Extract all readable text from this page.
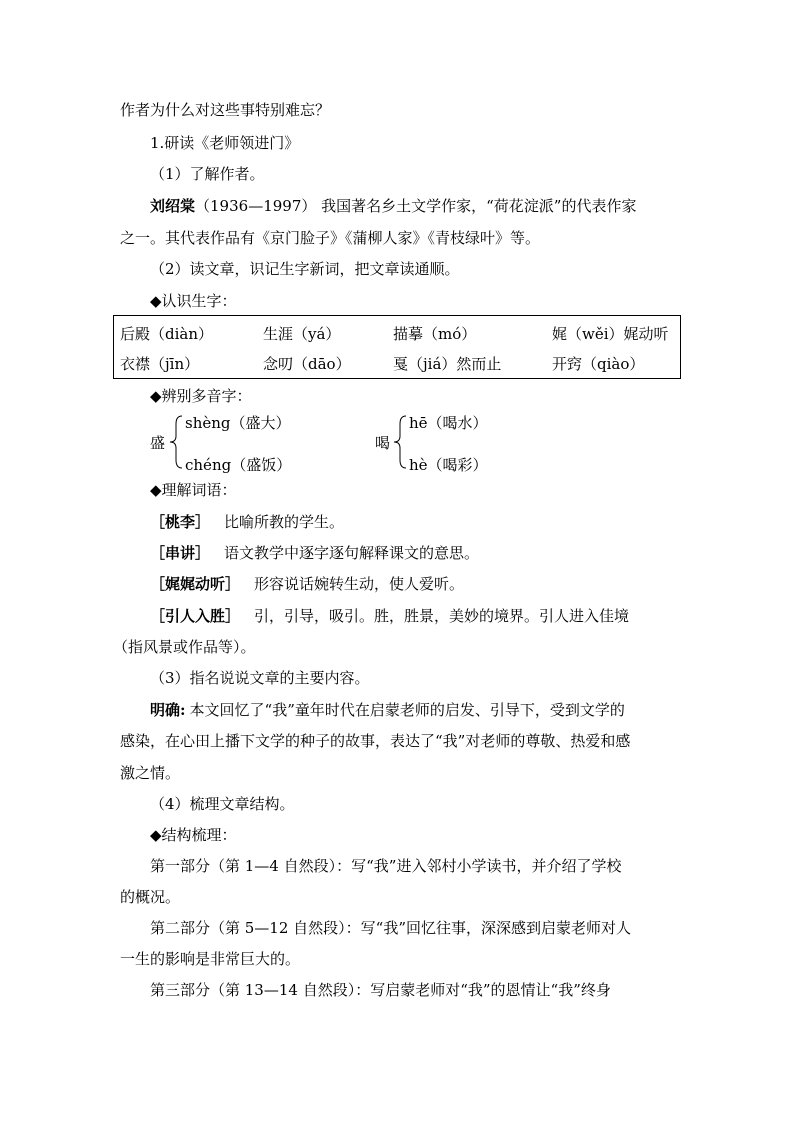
作者为什么对这些事特别难忘？
1.研读《老师领进门》
（1）了解作者。
刘绍棠（1936—1997） 我国著名乡土文学作家，“荷花淀派”的代表作家
之一。其代表作品有《京门脸子》《蒲柳人家》《青枝绿叶》等。
（2）读文章，识记生字新词，把文章读通顺。
◆认识生字：
后殿（diàn）	生涯（yá）	描摹（mó）	娓（wěi）娓动听
衣襟（jīn）	念叨（dāo）	戛（jiá）然而止	开窍（qiào）
◆辨别多音字：
盛
shèng（盛大）
chéng（盛饭）
喝
hē（喝水）
hè（喝彩）
◆理解词语：
［桃李］ 比喻所教的学生。
［串讲］ 语文教学中逐字逐句解释课文的意思。
［娓娓动听］ 形容说话婉转生动，使人爱听。
［引人入胜］ 引，引导，吸引。胜，胜景，美妙的境界。引人进入佳境
（指风景或作品等）。
（3）指名说说文章的主要内容。
明确: 本文回忆了“我”童年时代在启蒙老师的启发、引导下，受到文学的
感染，在心田上播下文学的种子的故事，表达了“我”对老师的尊敬、热爱和感
激之情。
（4）梳理文章结构。
◆结构梳理：
第一部分（第 1—4 自然段）：写“我”进入邻村小学读书，并介绍了学校
的概况。
第二部分（第 5—12 自然段）：写“我”回忆往事，深深感到启蒙老师对人
一生的影响是非常巨大的。
第三部分（第 13—14 自然段）：写启蒙老师对“我”的恩情让“我”终身
